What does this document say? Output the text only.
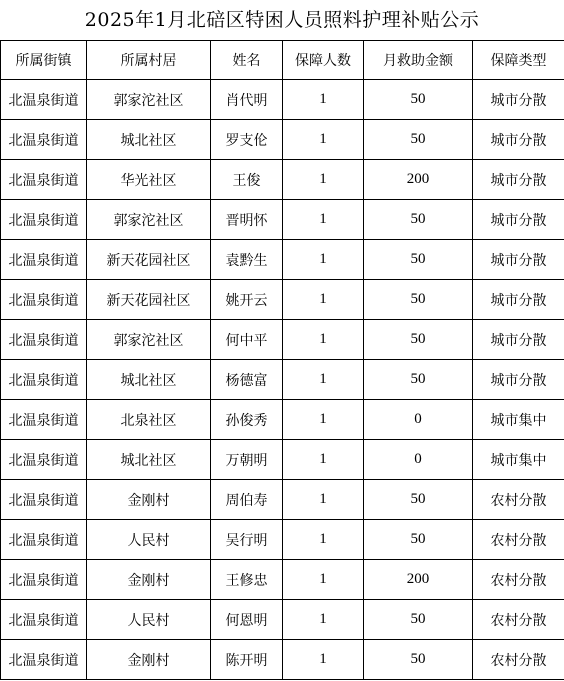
2025年1月北碚区特困人员照料护理补贴公示
所属街镇	所属村居	姓名	保障人数	月救助金额	保障类型
北温泉街道	郭家沱社区	肖代明	1	50	城市分散
北温泉街道	城北社区	罗支伦	1	50	城市分散
北温泉街道	华光社区	王俊	1	200	城市分散
北温泉街道	郭家沱社区	晋明怀	1	50	城市分散
北温泉街道	新天花园社区	袁黔生	1	50	城市分散
北温泉街道	新天花园社区	姚开云	1	50	城市分散
北温泉街道	郭家沱社区	何中平	1	50	城市分散
北温泉街道	城北社区	杨德富	1	50	城市分散
北温泉街道	北泉社区	孙俊秀	1	0	城市集中
北温泉街道	城北社区	万朝明	1	0	城市集中
北温泉街道	金刚村	周伯寿	1	50	农村分散
北温泉街道	人民村	吴行明	1	50	农村分散
北温泉街道	金刚村	王修忠	1	200	农村分散
北温泉街道	人民村	何恩明	1	50	农村分散
北温泉街道	金刚村	陈开明	1	50	农村分散
